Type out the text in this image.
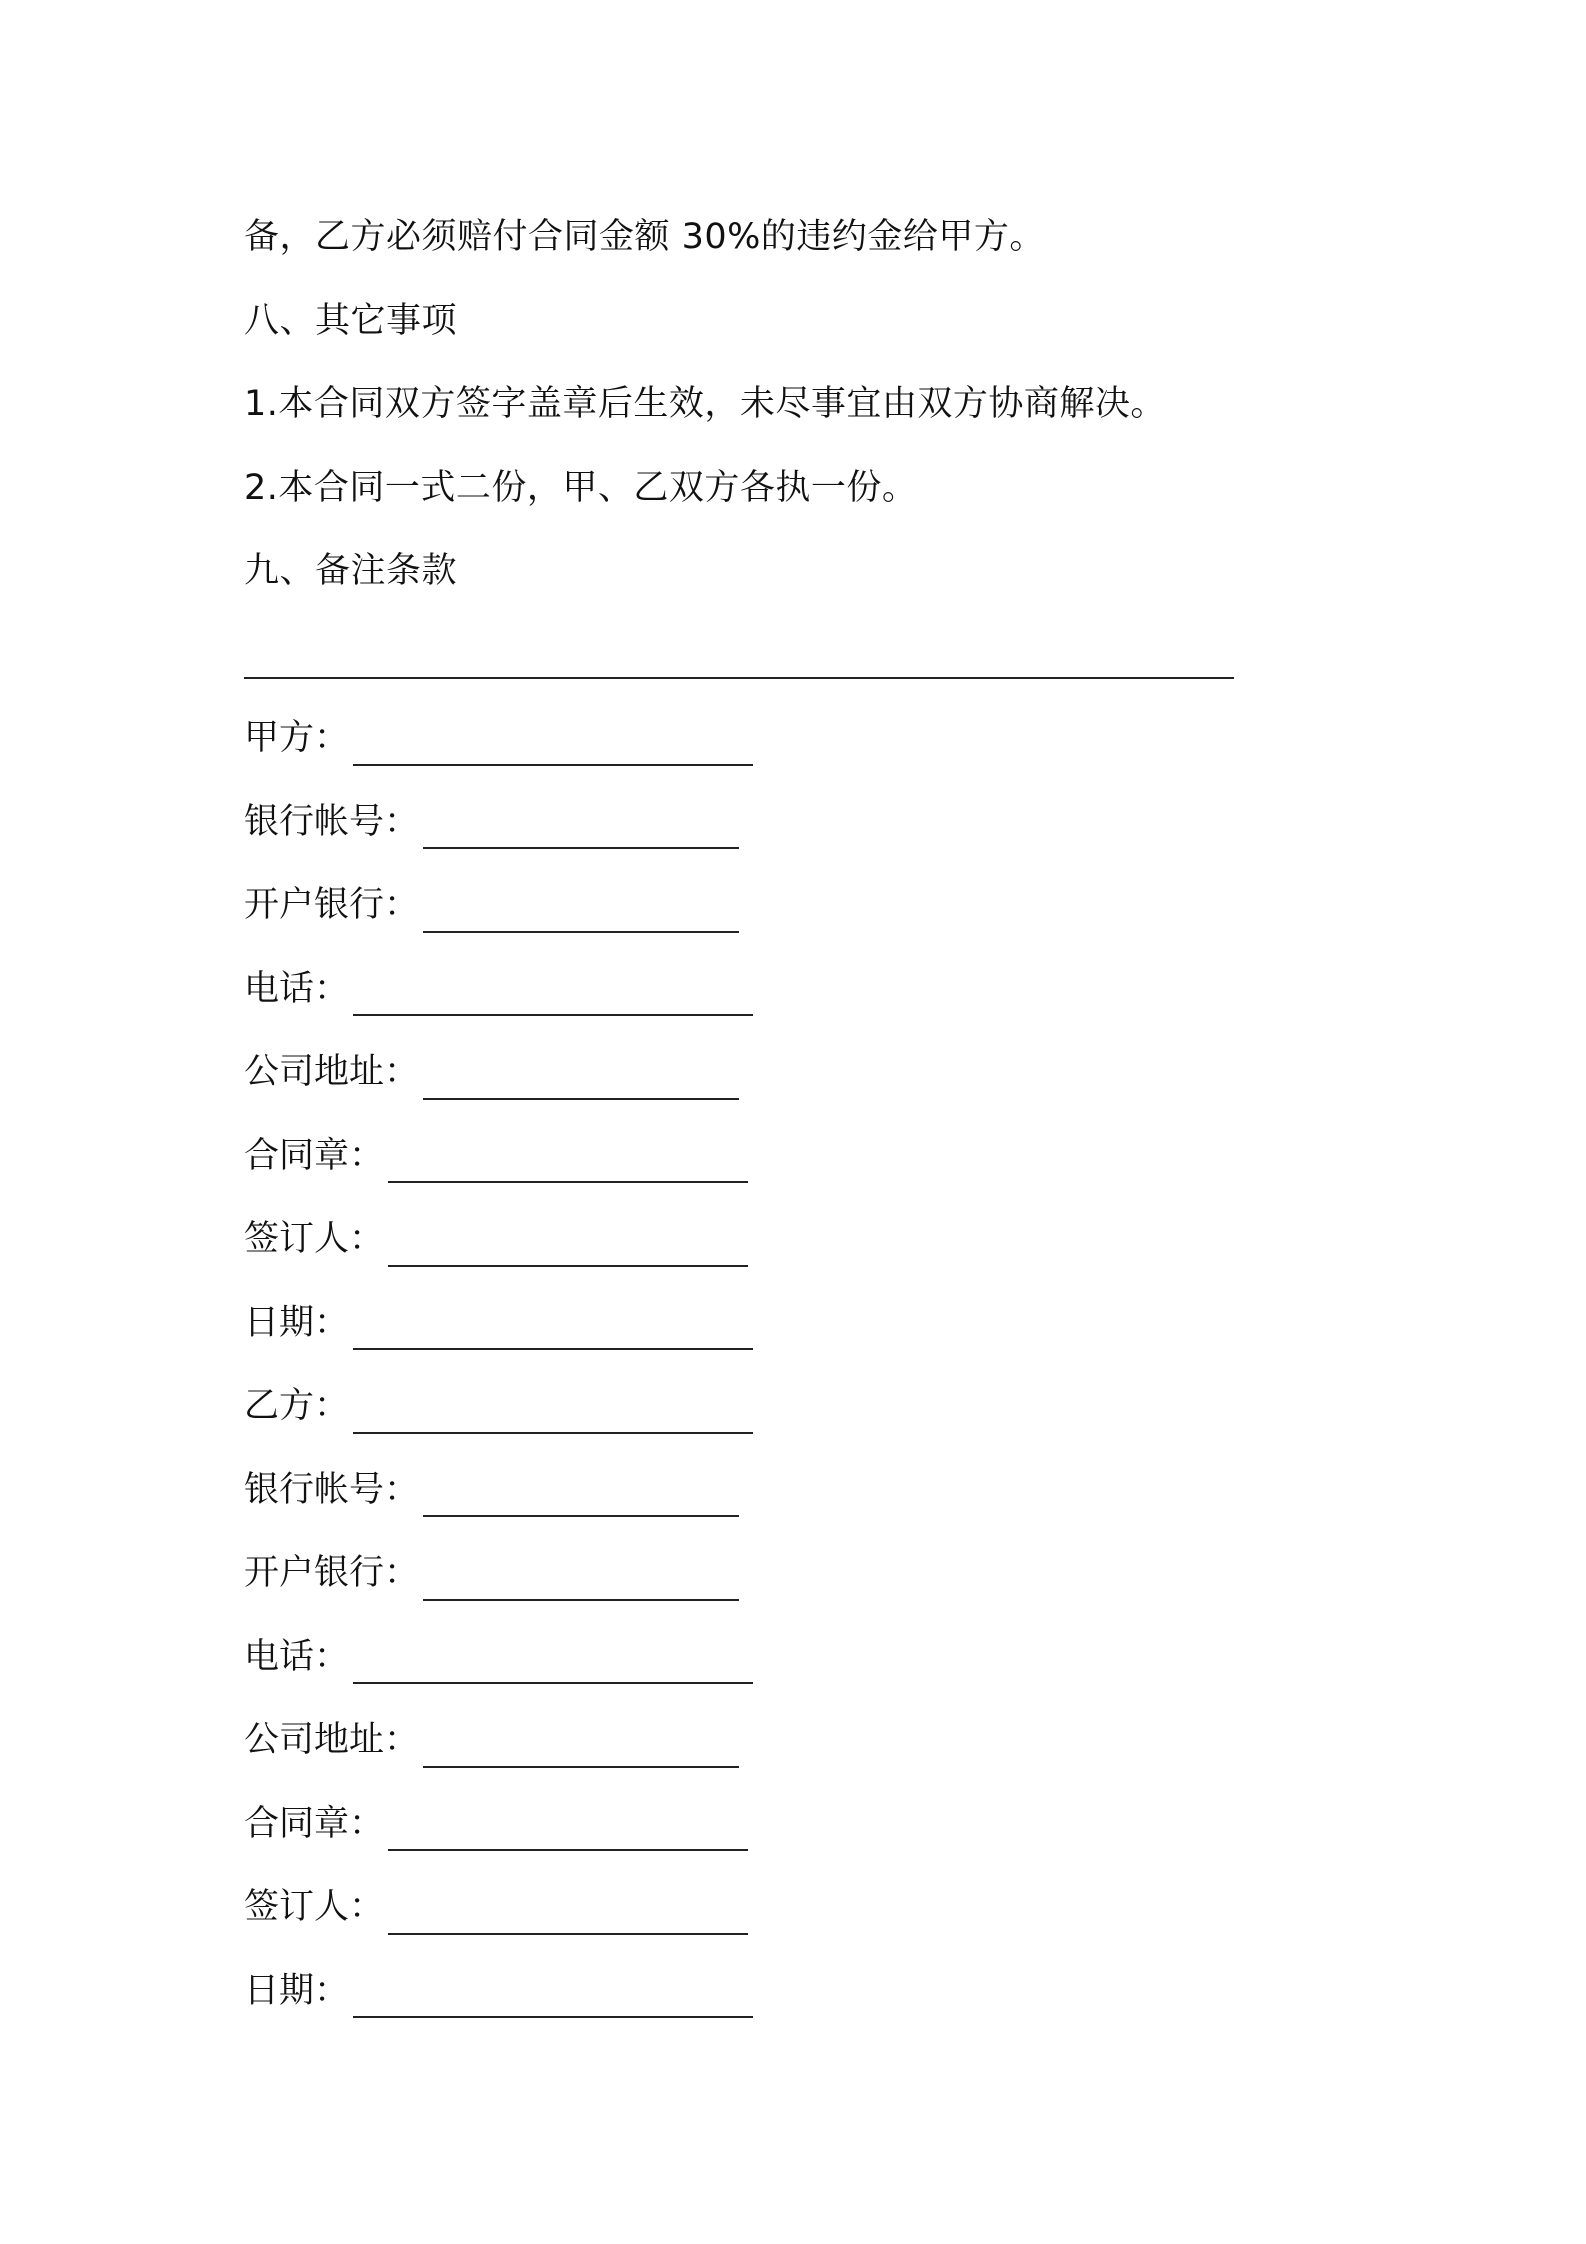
备，乙方必须赔付合同金额 30%的违约金给甲方。
八、其它事项
1.本合同双方签字盖章后生效，未尽事宜由双方协商解决。
2.本合同一式二份，甲、乙双方各执一份。
九、备注条款
甲方：
银行帐号：
开户银行：
电话：
公司地址：
合同章：
签订人：
日期：
乙方：
银行帐号：
开户银行：
电话：
公司地址：
合同章：
签订人：
日期：
